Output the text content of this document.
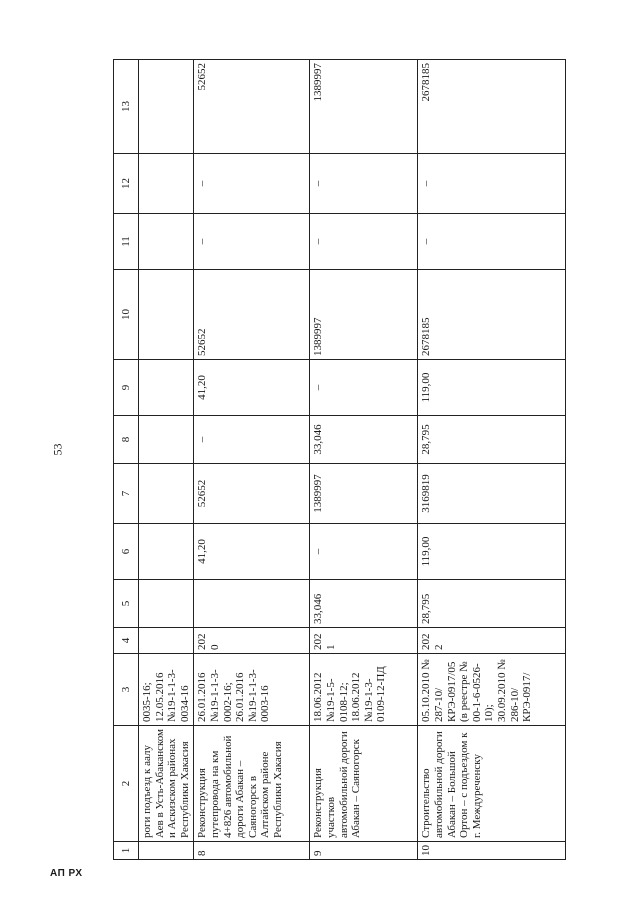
53
АП РХ
1	2	3	4	5	6	7	8	9	10	11	12	13
	роги подъезд к аалу Аев в Усть-Абаканском и Аскизском районах Республики Хакасия	0035-16; 12.05.2016 №19-1-1-3-0034-16										
8	Реконструкция путепровода на км 4+826 автомобильной дороги Абакан – Саяногорск в Алтайском районе Республики Хакасия	26.01.2016 №19-1-1-3-0002-16; 26.01.2016 №19-1-1-3-0003-16	2020		41,20	52652	–	41,20	52652	–	–	52652
9	Реконструкция участков автомобильной дороги Абакан – Саяногорск	18.06.2012 №19-1-5-0108-12; 18.06.2012 №19-1-3-0109-12-ПД	2021	33,046	–	1389997	33,046	–	1389997	–	–	1389997
10	Строительство автомобильной дороги Абакан – Большой Ортон – с подъездом к г. Междуреченску	05.10.2010 № 287-10/КРЭ-0917/05 (в реестре № 00-1-6-0526-10); 30.09.2010 № 286-10/КРЭ-0917/	2022	28,795	119,00	3169819	28,795	119,00	2678185	–	–	2678185
